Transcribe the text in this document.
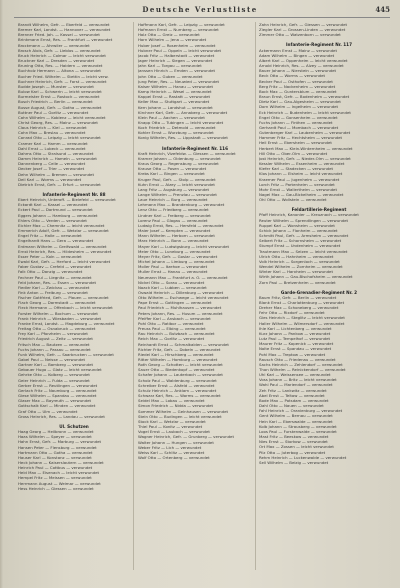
Deutsche Verlustliste	445
Brandt Wilhelm, Gefr. — Eberfeld — verwundet
Bremer Karl, Landst. — Hannover — verwundet
Brenner Fried. Joh. — Kassel — verwundet
Brinkmann Ernst, Res. — Frankfurt — verwundet
Brockmann — Ahrwiler — verwundet
Brosch Alois, Gefr. — Lieblos — verwundet
Bruck Heinrich — Colmar — leicht verwundet
Bruckner Karl — Dresden — verwundet
Bruning Otto, Res. — Haidern — verwundet
Buchholz Hermann — Altona — verwundet
Bucher Fried. Wilhelm — Stettin — leicht verw.
Buchner Heinrich, Gefr. — Forst — verwundet
Budde Joseph — Munster — verwundet
Bulow Karl — Schwerin — leicht verwundet
Burmeister Ernst — Rostock — verwundet
Busch Friedrich — Berlin — verwundet
Busse August, Gefr. — Gotha — verwundet
Buttner Paul — Gorlitz — verwundet
Cahn Wilhelm — Koblenz — leicht verwundet
Christ Georg, Res. — Mainz — verwundet
Claus Heinrich — Kiel — verwundet
Cohn Max — Breslau — verwundet
Conrad Otto — Leipzig — leicht verwundet
Cramer Karl — Hamm — verwundet
Dahl Ernst — Lubeck — verwundet
Dahms Otto — Stralsund — verwundet
Damm Heinrich — Hameln — verwundet
Dannenberg — Celle — verwundet
Decker Josef — Trier — verwundet
Dehn Wilhelm — Bremen — verwundet
Deil Karl — Worms — verwundet
Dietrich Ernst, Gefr. — Erfurt — verwundet
Infanterie-Regiment Nr. 88
Ebert Heinrich, Unteroff. — Bielefeld — verwundet
Eckardt Karl — Kassel — verwundet
Eckert Paul — Dortmund — verwundet
Eggers Johann — Hamburg — verwundet
Ehlers Otto — Verden — verwundet
Eichler Max — Chemnitz — leicht verwundet
Emmerich Adolf, Gefr. — Wetzlar — verwundet
Engel Fritz — Halle — verwundet
Engelhardt Hans — Gera — verwundet
Erdmann Wilhelm — Greifswald — verwundet
Ernst Heinrich, Res. — Hildesheim — verwundet
Esser Peter — Koln — verwundet
Ewald Karl, Gefr. — Herford — leicht verwundet
Faber Gustav — Crefeld — verwundet
Falk Otto — Danzig — verwundet
Fechner Paul — Liegnitz — verwundet
Feld Johann, Res. — Essen — verwundet
Fiedler Karl — Zwickau — verwundet
Fink Anton — Freiburg — verwundet
Fischer Gottfried, Gefr. — Plauen — verwundet
Flach Georg — Darmstadt — verwundet
Fleck Hermann — Offenbach — leicht verwundet
Forster Wilhelm — Bochum — verwundet
Frank Heinrich — Wiesbaden — verwundet
Franke Ernst, Landst. — Magdeburg — verwundet
Freitag Otto — Osnabruck — verwundet
Frey Karl — Pforzheim — verwundet
Friedrich August — Zeitz — verwundet
Fritsch Max — Bautzen — verwundet
Fuchs Johann — Passau — verwundet
Funk Wilhelm, Gefr. — Saarbrucken — verwundet
Gabel Paul — Neisse — verwundet
Gartner Karl — Bamberg — verwundet
Gebauer Hugo — Glatz — leicht verwundet
Gehrke Otto — Kolberg — verwundet
Geier Heinrich — Fulda — verwundet
Gerber Ernst — Reutlingen — verwundet
Gerlach Fritz — Naumburg — verwundet
Giese Wilhelm — Spandau — verwundet
Glaser Max — Bayreuth — verwundet
Gottschalk Karl — Minden — verwundet
Graf Otto — Ulm — verwundet
Gross Heinrich, Res. — Landau — verwundet
Ul. Schutzen
Haag Georg — Heilbronn — verwundet
Haas Wilhelm — Speyer — verwundet
Hahn Ernst, Gefr. — Marburg — verwundet
Hansen Peter — Flensburg — verwundet
Hartmann Otto — Gotha — verwundet
Hauser Karl — Konstanz — verwundet
Heck Johann — Kaiserslautern — verwundet
Heinrich Paul — Cottbus — verwundet
Held Max — Eisenach — leicht verwundet
Hempel Fritz — Meissen — verwundet
Herrmann August — Weimar — verwundet
Hess Heinrich — Giessen — verwundet
Hoffmann Karl, Gefr. — Leipzig — verwundet
Hofmann Ernst — Nurnberg — verwundet
Holz Otto — Greiz — verwundet
Horn Wilhelm — Jena — verwundet
Huber Josef — Rosenheim — verwundet
Hubner Paul — Oppeln — leicht verwundet
Jacob Fritz — Halberstadt — verwundet
Jager Heinrich — Siegen — verwundet
Jahn Karl — Torgau — verwundet
Janssen Hinrich — Emden — verwundet
John Otto — Guben — verwundet
Jung Peter, Res. — Neuwied — verwundet
Kaiser Wilhelm — Hanau — verwundet
Kamp Heinrich — Wesel — verwundet
Kappel Ernst — Rastatt — verwundet
Keller Max — Stuttgart — verwundet
Kern Johann — Landshut — verwundet
Kirchner Karl, Gefr. — Annaberg — verwundet
Klein Paul — Aachen — verwundet
Knapp Otto — Tubingen — leicht verwundet
Koch Friedrich — Detmold — verwundet
Kohler Ernst — Wurzburg — verwundet
Konig Wilhelm, Res. — Lippstadt — verwundet
Infanterie-Regiment Nr. 116
Kraft Heinrich, Vizefeldw. — Giessen — verwundet
Kramer Johann — Oldenburg — verwundet
Kraus Georg — Regensburg — verwundet
Krause Otto — Posen — verwundet
Krebs Karl — Bingen — verwundet
Kruger Paul, Gefr. — Stolp — verwundet
Kuhn Ernst — Alzey — leicht verwundet
Lang Fritz — Augsburg — verwundet
Lange Wilhelm — Prenzlau — verwundet
Laue Heinrich — Burg — verwundet
Lehmann Max — Brandenburg — verwundet
Lenz Otto — Friedberg — verwundet
Lindner Karl — Freiberg — verwundet
Lorenz Paul — Glogau — verwundet
Ludwig Ernst, Res. — Hersfeld — verwundet
Maier Josef — Kempten — verwundet
Mann Wilhelm — Herborn — verwundet
Marx Heinrich — Bonn — verwundet
Mayer Karl — Ludwigsburg — leicht verwundet
Meier Otto — Luneburg — verwundet
Meyer Fritz, Gefr. — Goslar — verwundet
Michel Johann — Limburg — verwundet
Moller Paul — Itzehoe — verwundet
Muller Ernst — Hanau — verwundet
Neumann Max — Frankfurt a. O. — verwundet
Nickel Otto — Sorau — verwundet
Noack Karl — Lubben — verwundet
Oswald Heinrich — Dillenburg — verwundet
Otto Wilhelm — Eschwege — leicht verwundet
Pape Ernst — Gottingen — verwundet
Paul Friedrich — Muhlhausen — verwundet
Peters Johann, Res. — Husum — verwundet
Pfeiffer Karl — Ansbach — verwundet
Pohl Otto — Ratibor — verwundet
Preuss Paul — Elbing — verwundet
Rau Heinrich — Butzbach — verwundet
Reich Max — Gorlitz — verwundet
Reinhardt Ernst — Schmalkalden — verwundet
Richter Fritz, Gefr. — Dobeln — verwundet
Riedel Karl — Hirschberg — verwundet
Ritter Wilhelm — Homburg — verwundet
Roth Georg — Schotten — leicht verwundet
Sauer Otto — Biedenkopf — verwundet
Schafer Johann — Lauterbach — verwundet
Scholz Paul — Waldenburg — verwundet
Schreiber Ernst — Alsfeld — verwundet
Schulz Heinrich — Anklam — verwundet
Schwarz Karl, Res. — Worms — verwundet
Seidel Max — Lobau — verwundet
Simon Friedrich — Nidda — verwundet
Sommer Wilhelm — Gelnhausen — verwundet
Stein Otto — Budingen — leicht verwundet
Stock Karl — Wetzlar — verwundet
Thiel Paul — Konitz — verwundet
Vogel Ernst — Laubach — verwundet
Wagner Heinrich, Gefr. — Grunberg — verwundet
Walter Johann — Hungen — verwundet
Weber Fritz — Lich — verwundet
Weiss Karl — Schlitz — verwundet
Wolf Otto — Ortenberg — verwundet
Zahn Heinrich, Gefr. — Giessen — verwundet
Ziegler Karl — Grossen-Linden — verwundet
Zimmer Otto — Watzenborn — verwundet
Infanterie-Regiment Nr. 117
Ackermann Ernst — Mainz — verwundet
Adam Wilhelm — Bingen — verwundet
Albert Karl — Oppenheim — leicht verwundet
Arnold Heinrich, Res. — Alzey — verwundet
Bauer Johann — Nierstein — verwundet
Beck Otto — Worms — verwundet
Becker Paul — Osthofen — verwundet
Berg Fritz — Nackenheim — verwundet
Bock Max — Guntersblum — verwundet
Braun Ernst, Gefr. — Bodenheim — verwundet
Dietz Karl — Gau-Algesheim — verwundet
Dorn Wilhelm — Ingelheim — verwundet
Eck Heinrich — Budenheim — leicht verwundet
Engel Otto — Gonsenheim — verwundet
Fuchs Johann — Finthen — verwundet
Gerhardt Paul — Mombach — verwundet
Gutenberger Karl — Laubenheim — verwundet
Hammer Fritz — Hechtsheim — verwundet
Heil Ernst — Ebersheim — verwundet
Herbert Max — Klein-Winternheim — verwundet
Hill Otto — Ober-Olm — verwundet
Jost Heinrich, Gefr. — Nieder-Olm — verwundet
Kessler Wilhelm — Essenheim — verwundet
Kiefer Karl — Stadecken — verwundet
Klos Johann — Elsheim — leicht verwundet
Kraemer Paul — Jugenheim — verwundet
Lorch Fritz — Partenheim — verwundet
Mohr Ernst — Wallertheim — verwundet
Nagel Max — Gau-Bickelheim — verwundet
Ohl Otto — Wollstein — verwundet
Feldartillerie-Regiment
Pfaff Heinrich, Kanonier — Kreuznach — verwundet
Reuter Wilhelm — Sprendlingen — verwundet
Ruppel Karl — Wonsheim — verwundet
Schick Johann — Flonheim — verwundet
Schmitt Paul, Gefr. — Armsheim — verwundet
Seibert Fritz — Schornsheim — verwundet
Stumpf Ernst — Undenheim — verwundet
Trautmann Max — Selzen — leicht verwundet
Ulrich Otto — Hahnheim — verwundet
Volk Heinrich — Sorgenloch — verwundet
Wendel Wilhelm — Zornheim — verwundet
Winter Karl — Harxheim — verwundet
Wirth Johann — Gau-Bischofsheim — verwundet
Zorn Paul — Bretzenheim — verwundet
Garde-Grenadier-Regiment Nr. 2
Baum Fritz, Gefr. — Berlin — verwundet
Blank Ernst — Charlottenburg — verwundet
Dreher Max — Schoneberg — verwundet
Fehr Otto — Rixdorf — verwundet
Gies Heinrich — Steglitz — leicht verwundet
Haller Wilhelm — Wilmersdorf — verwundet
Ihle Karl — Lichtenberg — verwundet
Kurz Johann — Pankow — verwundet
Lutz Paul — Tempelhof — verwundet
Maurer Fritz — Kopenick — verwundet
Nolte Ernst — Spandau — verwundet
Pohl Max — Treptow — verwundet
Rausch Otto — Friedenau — verwundet
Sachs Heinrich — Zehlendorf — verwundet
Thon Wilhelm — Reinickendorf — verwundet
Uhl Karl — Weissensee — verwundet
Voss Johann — Britz — leicht verwundet
Wahl Paul — Mariendorf — verwundet
Zeh Fritz — Lankwitz — verwundet
Abel Ernst — Teltow — verwundet
Bode Max — Potsdam — verwundet
Dahl Otto — Nauen — verwundet
Fahl Heinrich — Oranienburg — verwundet
Gent Wilhelm — Bernau — verwundet
Hein Karl — Eberswalde — verwundet
Kolb Johann — Strausberg — verwundet
Loos Paul — Furstenwalde — verwundet
Mast Fritz — Beeskow — verwundet
Nies Ernst — Storkow — verwundet
Ort Max — Zossen — leicht verwundet
Pilz Otto — Juterbog — verwundet
Rehm Heinrich — Luckenwalde — verwundet
Sell Wilhelm — Belzig — verwundet
